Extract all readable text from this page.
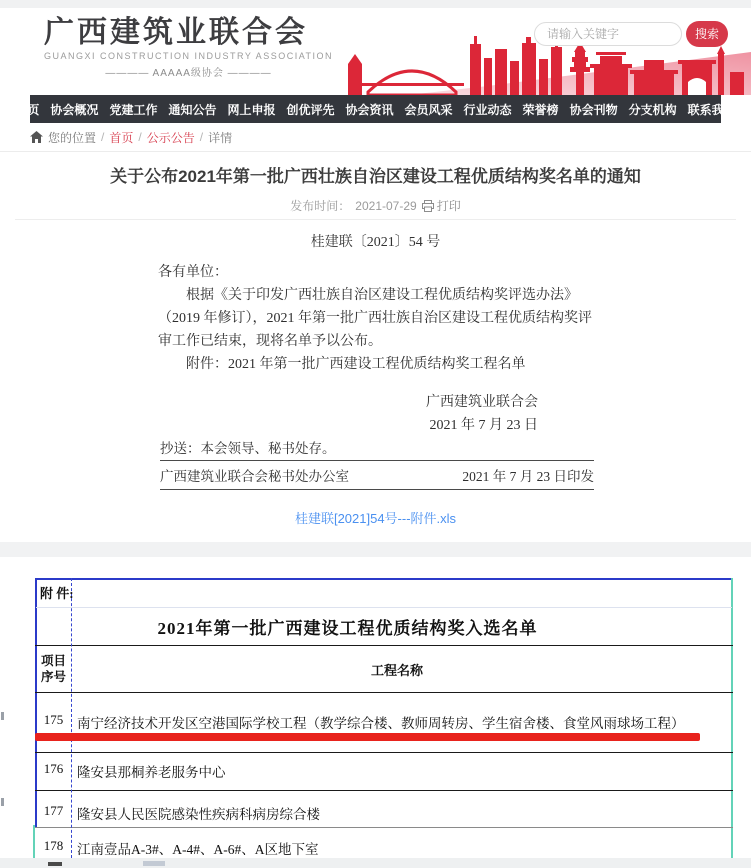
广西建筑业联合会
GUANGXI CONSTRUCTION INDUSTRY ASSOCIATION
———— AAAAA级协会 ————
请输入关键字
搜索
首页 协会概况 党建工作 通知公告 网上申报 创优评先 协会资讯 会员风采 行业动态 荣誉榜 协会刊物 分支机构 联系我们
您的位置 / 首页 / 公示公告 / 详情
关于公布2021年第一批广西壮族自治区建设工程优质结构奖名单的通知
发布时间： 2021-07-29 打印
桂建联〔2021〕54 号

各有单位：

根据《关于印发广西壮族自治区建设工程优质结构奖评选办法》（2019 年修订），2021 年第一批广西壮族自治区建设工程优质结构奖评审工作已结束，现将名单予以公布。

附件：2021 年第一批广西建设工程优质结构奖工程名单

广西建筑业联合会
2021 年 7 月 23 日
抄送：本会领导、秘书处存。
广西建筑业联合会秘书处办公室	2021 年 7 月 23 日印发
桂建联[2021]54号---附件.xls
附 件:
2021年第一批广西建设工程优质结构奖入选名单
项目序号	工程名称
175	南宁经济技术开发区空港国际学校工程（教学综合楼、教师周转房、学生宿舍楼、食堂风雨球场工程）
176	隆安县那桐养老服务中心
177	隆安县人民医院感染性疾病科病房综合楼
178	江南壹品A-3#、A-4#、A-6#、A区地下室
